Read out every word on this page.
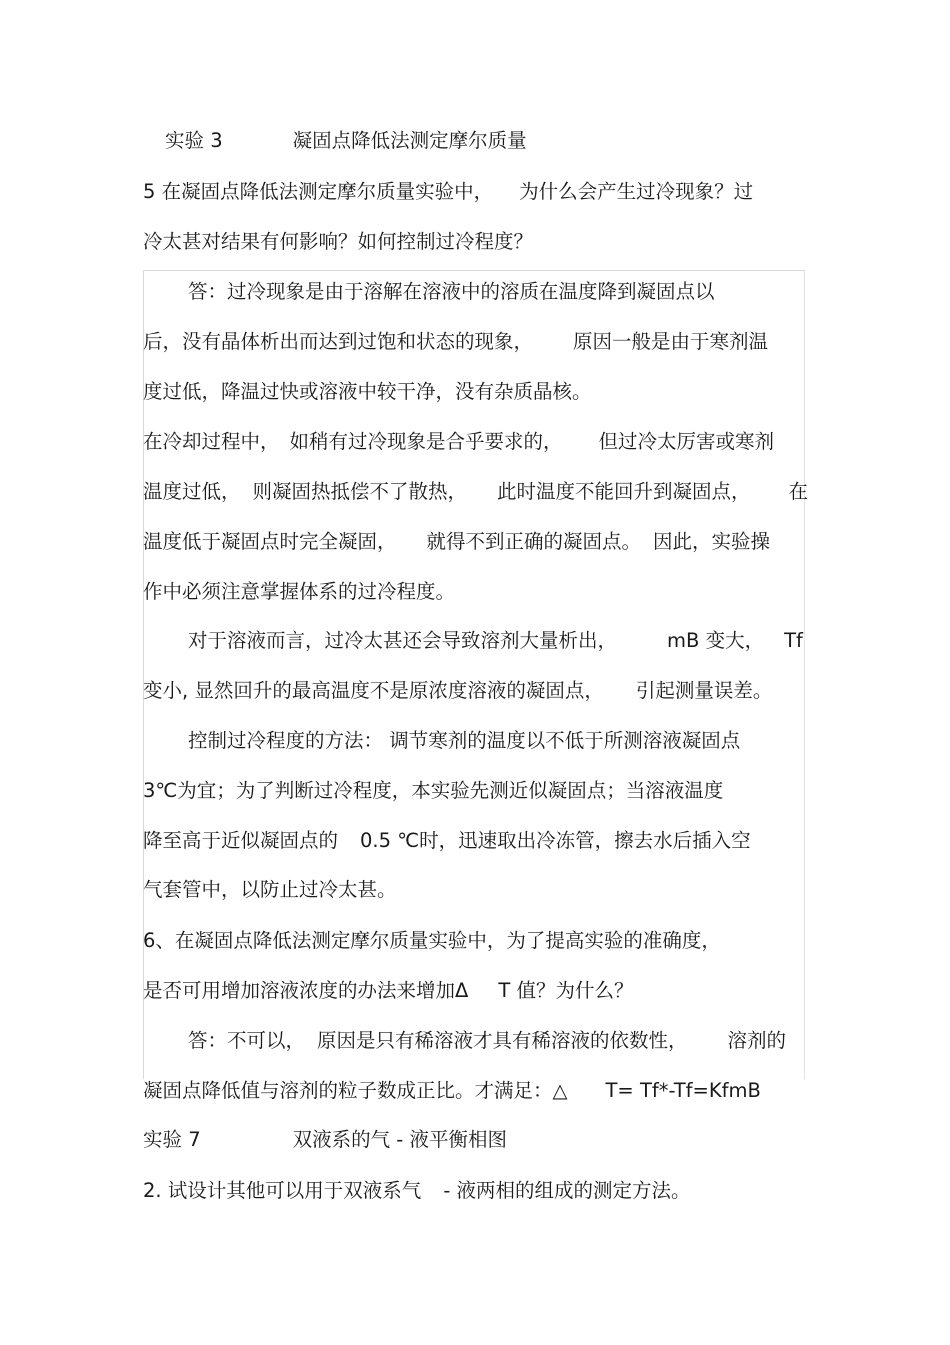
实验 3	凝固点降低法测定摩尔质量
5 在凝固点降低法测定摩尔质量实验中， 为什么会产生过冷现象？过
冷太甚对结果有何影响？如何控制过冷程度？
答：过冷现象是由于溶解在溶液中的溶质在温度降到凝固点以
后，没有晶体析出而达到过饱和状态的现象， 原因一般是由于寒剂温
度过低，降温过快或溶液中较干净，没有杂质晶核。
在冷却过程中， 如稍有过冷现象是合乎要求的， 但过冷太厉害或寒剂
温度过低， 则凝固热抵偿不了散热， 此时温度不能回升到凝固点， 在
温度低于凝固点时完全凝固， 就得不到正确的凝固点。 因此，实验操
作中必须注意掌握体系的过冷程度。
对于溶液而言，过冷太甚还会导致溶剂大量析出，	mB 变大， Tf
变小, 显然回升的最高温度不是原浓度溶液的凝固点， 引起测量误差。
控制过冷程度的方法： 调节寒剂的温度以不低于所测溶液凝固点
3℃为宜；为了判断过冷程度，本实验先测近似凝固点；当溶液温度
降至高于近似凝固点的 0.5 ℃时，迅速取出冷冻管，擦去水后插入空
气套管中，以防止过冷太甚。
6、在凝固点降低法测定摩尔质量实验中，为了提高实验的准确度，
是否可用增加溶液浓度的办法来增加Δ T 值？为什么？
答：不可以， 原因是只有稀溶液才具有稀溶液的依数性， 溶剂的
凝固点降低值与溶剂的粒子数成正比。才满足：△ T= Tf*-Tf=KfmB
实验 7	双液系的气 - 液平衡相图
2. 试设计其他可以用于双液系气 - 液两相的组成的测定方法。
